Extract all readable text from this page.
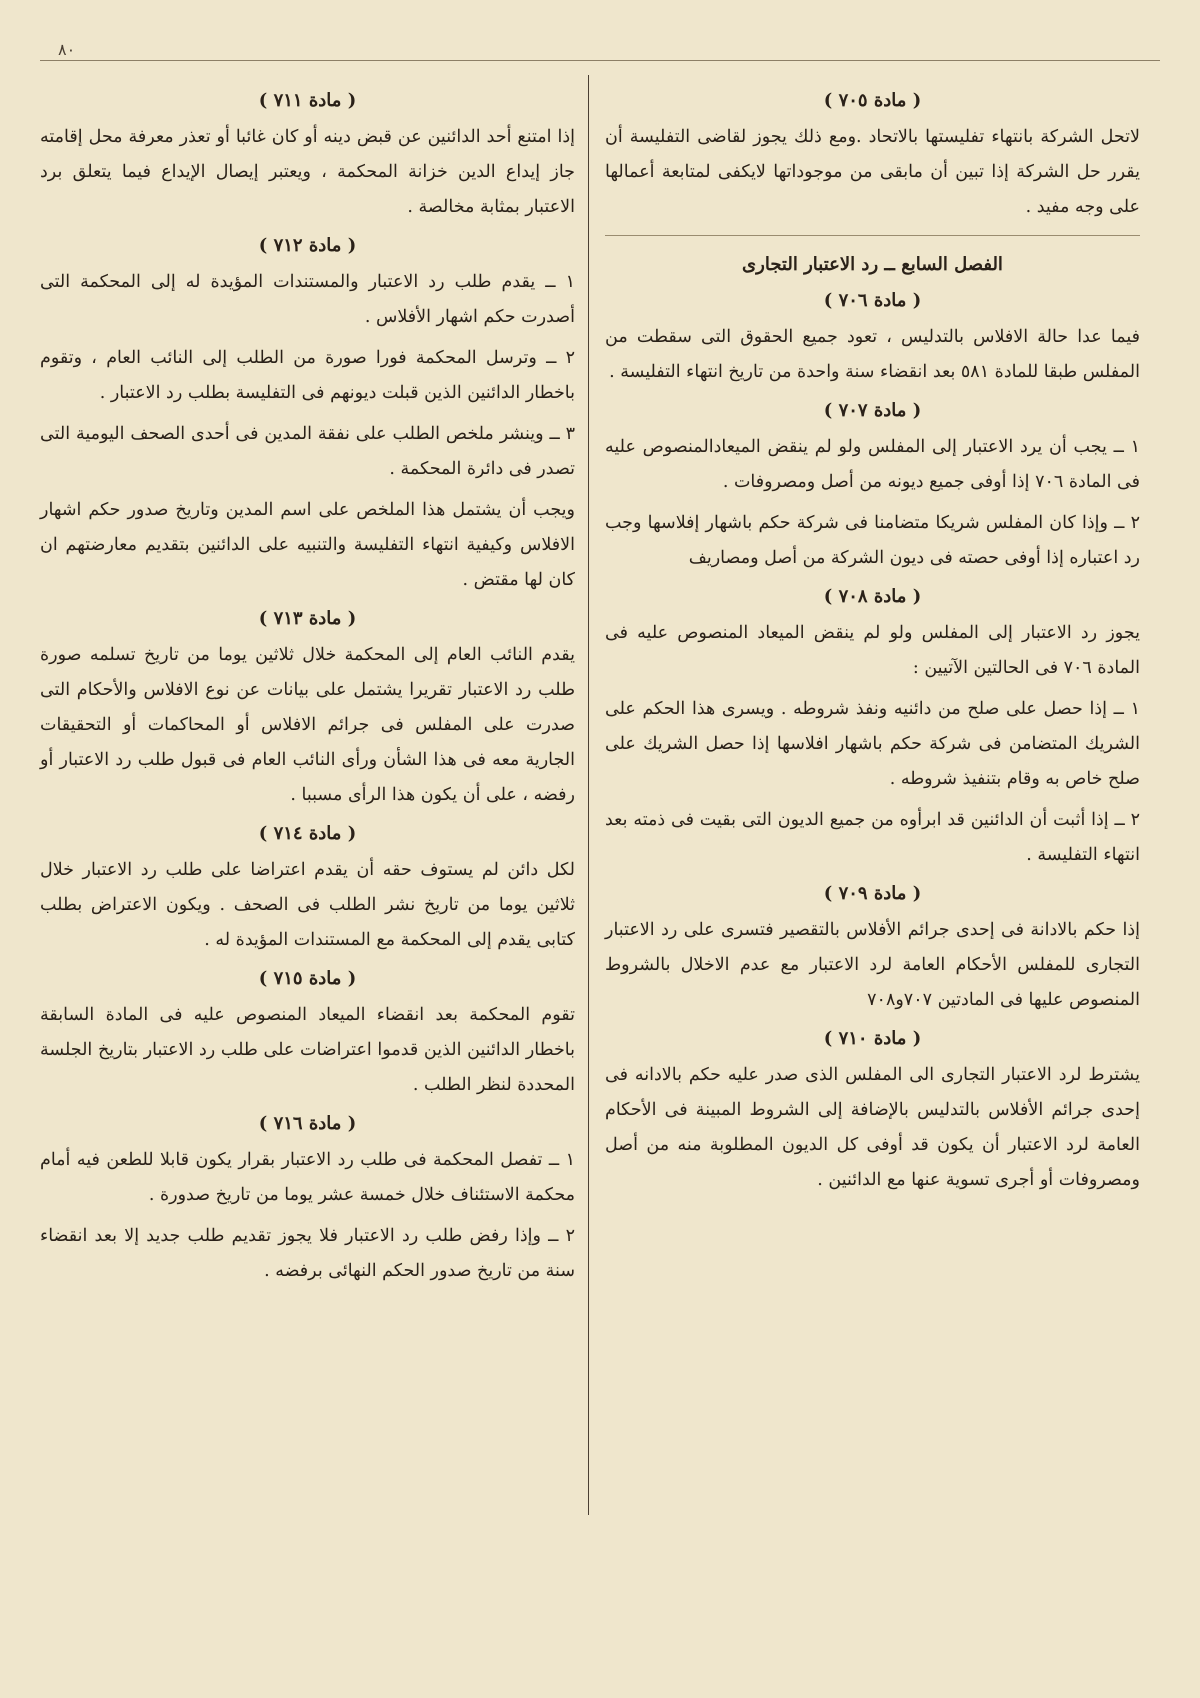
٨٠
( مادة ٧٠٥ )

لاتحل الشركة بانتهاء تفليستها بالاتحاد .ومع ذلك يجوز لقاضى التفليسة أن يقرر حل الشركة إذا تبين أن مابقى من موجوداتها لايكفى لمتابعة أعمالها على وجه مفيد .

الفصل السابع ــ رد الاعتبار التجارى
( مادة ٧٠٦ )

فيما عدا حالة الافلاس بالتدليس ، تعود جميع الحقوق التى سقطت من المفلس طبقا للمادة ٥٨١ بعد انقضاء سنة واحدة من تاريخ انتهاء التفليسة .

( مادة ٧٠٧ )

١ ــ يجب أن يرد الاعتبار إلى المفلس ولو لم ينقض الميعادالمنصوص عليه فى المادة ٧٠٦ إذا أوفى جميع ديونه من أصل ومصروفات .

٢ ــ وإذا كان المفلس شريكا متضامنا فى شركة حكم باشهار إفلاسها وجب رد اعتباره إذا أوفى حصته فى ديون الشركة من أصل ومصاريف

( مادة ٧٠٨ )

يجوز رد الاعتبار إلى المفلس ولو لم ينقض الميعاد المنصوص عليه فى المادة ٧٠٦ فى الحالتين الآتيين :

١ ــ إذا حصل على صلح من دائنيه ونفذ شروطه . ويسرى هذا الحكم على الشريك المتضامن فى شركة حكم باشهار افلاسها إذا حصل الشريك على صلح خاص به وقام بتنفيذ شروطه .

٢ ــ إذا أثبت أن الدائنين قد ابرأوه من جميع الديون التى بقيت فى ذمته بعد انتهاء التفليسة .

( مادة ٧٠٩ )

إذا حكم بالادانة فى إحدى جرائم الأفلاس بالتقصير فتسرى على رد الاعتبار التجارى للمفلس الأحكام العامة لرد الاعتبار مع عدم الاخلال بالشروط المنصوص عليها فى المادتين ٧٠٧و٧٠٨

( مادة ٧١٠ )

يشترط لرد الاعتبار التجارى الى المفلس الذى صدر عليه حكم بالادانه فى إحدى جرائم الأفلاس بالتدليس بالإضافة إلى الشروط المبينة فى الأحكام العامة لرد الاعتبار أن يكون قد أوفى كل الديون المطلوبة منه من أصل ومصروفات أو أجرى تسوية عنها مع الدائنين .

( مادة ٧١١ )

إذا امتنع أحد الدائنين عن قبض دينه أو كان غائبا أو تعذر معرفة محل إقامته جاز إيداع الدين خزانة المحكمة ، ويعتبر إيصال الإيداع فيما يتعلق برد الاعتبار بمثابة مخالصة .

( مادة ٧١٢ )

١ ــ يقدم طلب رد الاعتبار والمستندات المؤيدة له إلى المحكمة التى أصدرت حكم اشهار الأفلاس .

٢ ــ وترسل المحكمة فورا صورة من الطلب إلى النائب العام ، وتقوم باخطار الدائنين الذين قبلت ديونهم فى التفليسة بطلب رد الاعتبار .

٣ ــ وينشر ملخص الطلب على نفقة المدين فى أحدى الصحف اليومية التى تصدر فى دائرة المحكمة .

ويجب أن يشتمل هذا الملخص على اسم المدين وتاريخ صدور حكم اشهار الافلاس وكيفية انتهاء التفليسة والتنبيه على الدائنين بتقديم معارضتهم ان كان لها مقتض .

( مادة ٧١٣ )

يقدم النائب العام إلى المحكمة خلال ثلاثين يوما من تاريخ تسلمه صورة طلب رد الاعتبار تقريرا يشتمل على بيانات عن نوع الافلاس والأحكام التى صدرت على المفلس فى جرائم الافلاس أو المحاكمات أو التحقيقات الجارية معه فى هذا الشأن ورأى النائب العام فى قبول طلب رد الاعتبار أو رفضه ، على أن يكون هذا الرأى مسببا .

( مادة ٧١٤ )

لكل دائن لم يستوف حقه أن يقدم اعتراضا على طلب رد الاعتبار خلال ثلاثين يوما من تاريخ نشر الطلب فى الصحف . ويكون الاعتراض بطلب كتابى يقدم إلى المحكمة مع المستندات المؤيدة له .

( مادة ٧١٥ )

تقوم المحكمة بعد انقضاء الميعاد المنصوص عليه فى المادة السابقة باخطار الدائنين الذين قدموا اعتراضات على طلب رد الاعتبار بتاريخ الجلسة المحددة لنظر الطلب .

( مادة ٧١٦ )

١ ــ تفصل المحكمة فى طلب رد الاعتبار بقرار يكون قابلا للطعن فيه أمام محكمة الاستئناف خلال خمسة عشر يوما من تاريخ صدورة .

٢ ــ وإذا رفض طلب رد الاعتبار فلا يجوز تقديم طلب جديد إلا بعد انقضاء سنة من تاريخ صدور الحكم النهائى برفضه .
